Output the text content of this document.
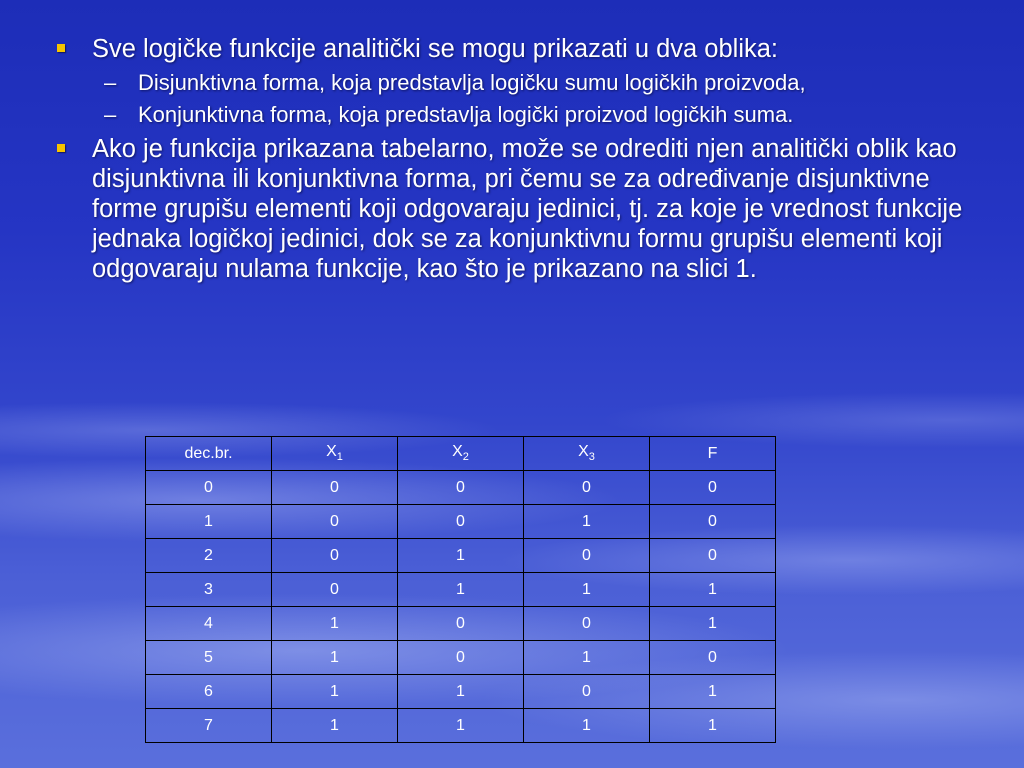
Sve logičke funkcije analitički se mogu prikazati u dva oblika:
– Disjunktivna forma, koja predstavlja logičku sumu logičkih proizvoda,
– Konjunktivna forma, koja predstavlja logički proizvod logičkih suma.
Ako je funkcija prikazana tabelarno, može se odrediti njen analitički oblik kao disjunktivna ili konjunktivna forma, pri čemu se za određivanje disjunktivne forme grupišu elementi koji odgovaraju jedinici, tj. za koje je vrednost funkcije jednaka logičkoj jedinici, dok se za konjunktivnu formu grupišu elementi koji odgovaraju nulama funkcije, kao što je prikazano na slici 1.
dec.br.	$X_1$	$X_2$	$X_3$	F
0	0	0	0	0
1	0	0	1	0
2	0	1	0	0
3	0	1	1	1
4	1	0	0	1
5	1	0	1	0
6	1	1	0	1
7	1	1	1	1
